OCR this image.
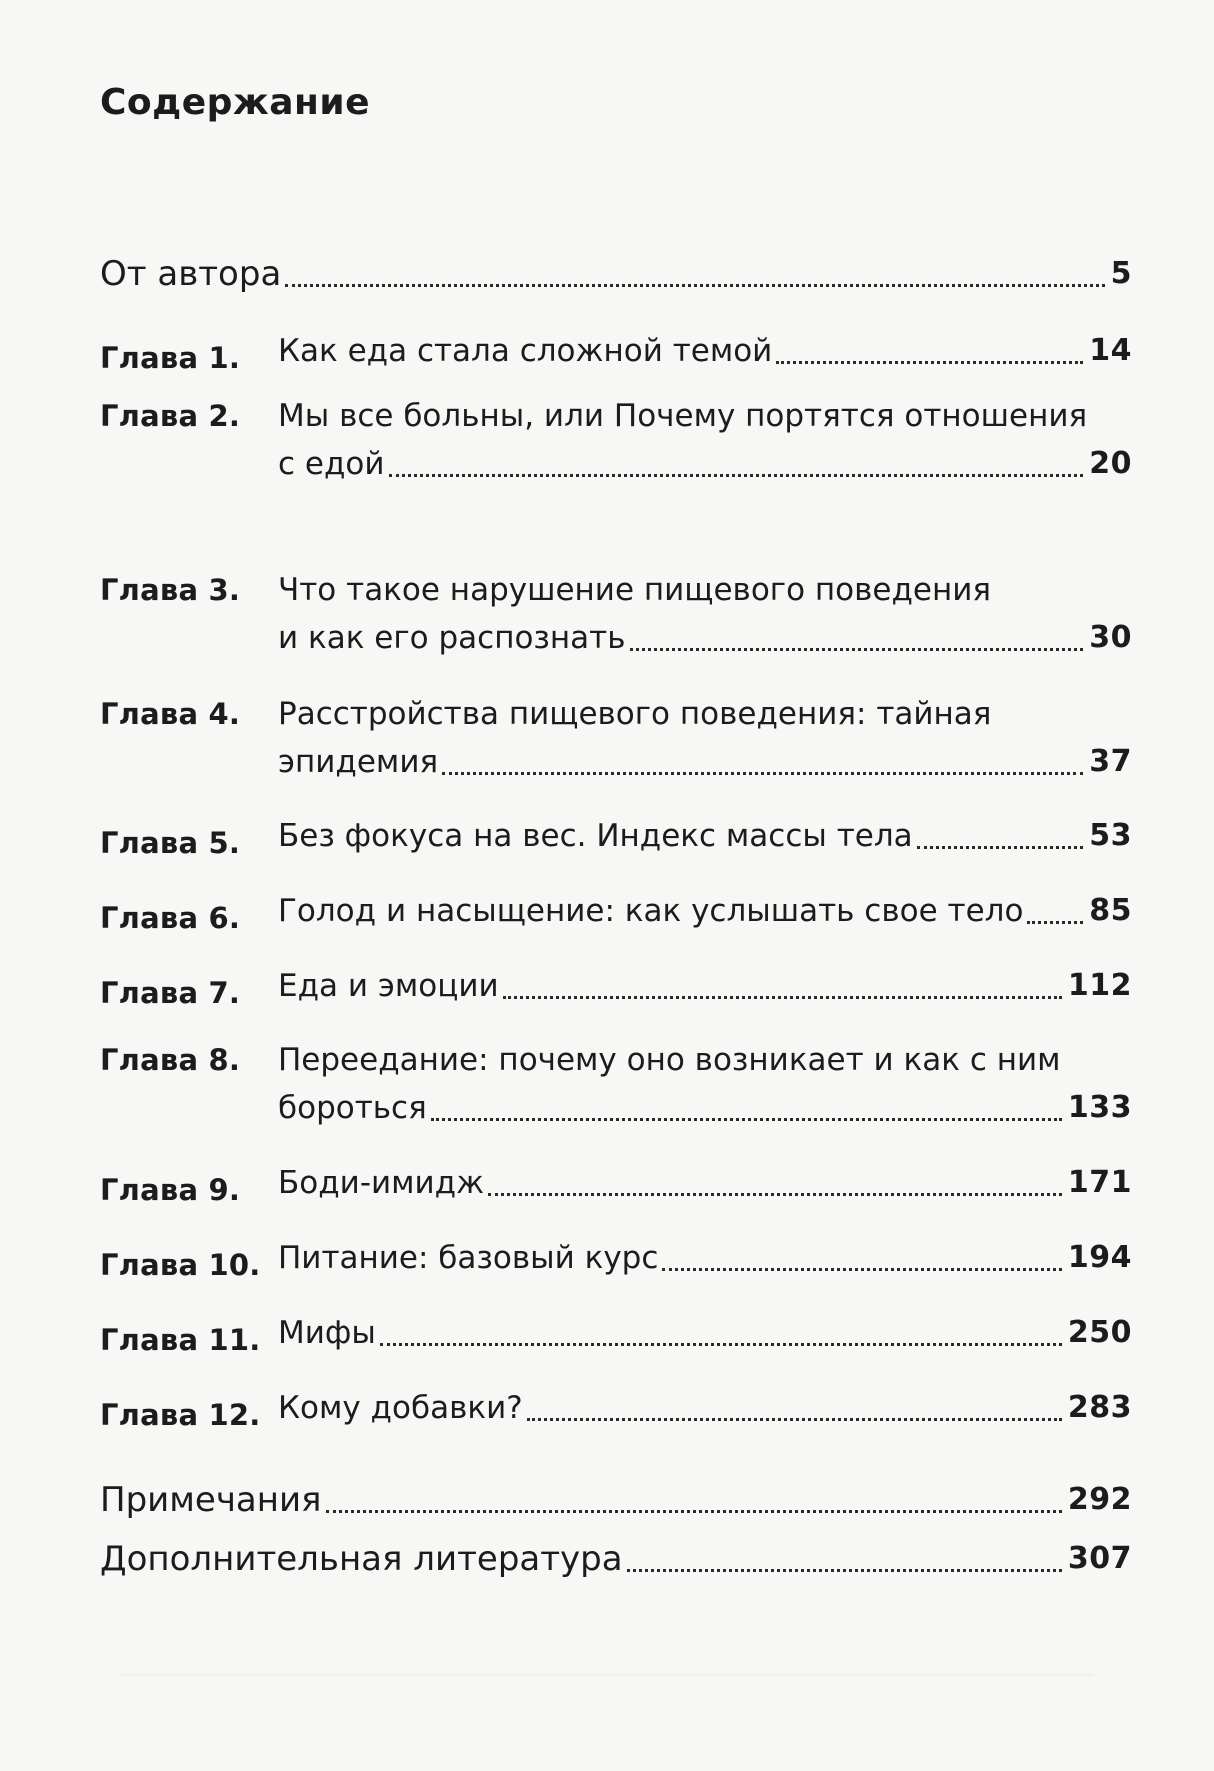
Содержание
От автора	5
Глава 1.	Как еда стала сложной темой	14
Глава 2.	Мы все больны, или Почему портятся отношения
с едой	20
Глава 3.	Что такое нарушение пищевого поведения
и как его распознать	30
Глава 4.	Расстройства пищевого поведения: тайная
эпидемия	37
Глава 5.	Без фокуса на вес. Индекс массы тела	53
Глава 6.	Голод и насыщение: как услышать свое тело 85
Глава 7.	Еда и эмоции	112
Глава 8.	Переедание: почему оно возникает и как с ним
бороться	133
Глава 9.	Боди-имидж	171
Глава 10. Питание: базовый курс	194
Глава 11. Мифы	250
Глава 12. Кому добавки?	283
Примечания	292
Дополнительная литература	307
